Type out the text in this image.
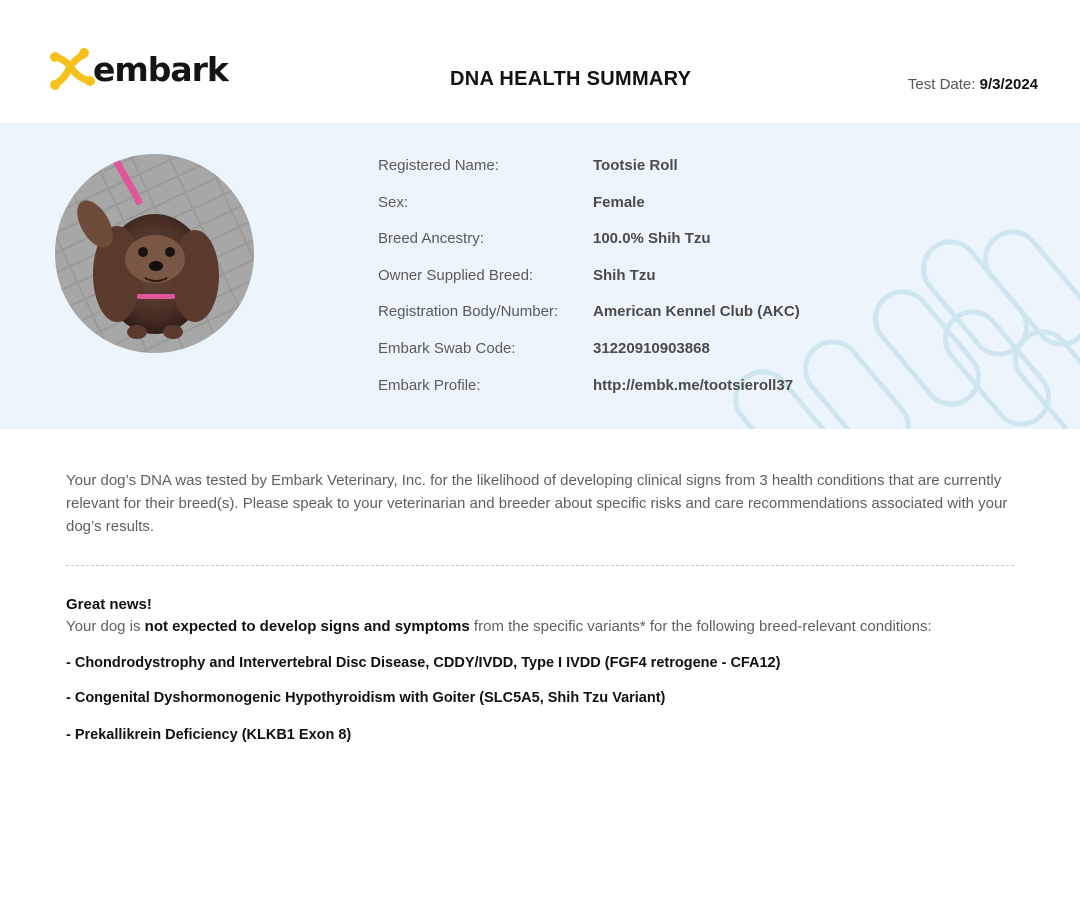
embark	DNA HEALTH SUMMARY	Test Date: 9/3/2024
Registered Name:	Tootsie Roll
Sex:	Female
Breed Ancestry:	100.0% Shih Tzu
Owner Supplied Breed:	Shih Tzu
Registration Body/Number:	American Kennel Club (AKC)
Embark Swab Code:	31220910903868
Embark Profile:	http://embk.me/tootsieroll37

Your dog’s DNA was tested by Embark Veterinary, Inc. for the likelihood of developing clinical signs from 3 health conditions that are currently relevant for their breed(s). Please speak to your veterinarian and breeder about specific risks and care recommendations associated with your dog’s results.

Great news!
Your dog is not expected to develop signs and symptoms from the specific variants* for the following breed-relevant conditions:
- Chondrodystrophy and Intervertebral Disc Disease, CDDY/IVDD, Type I IVDD (FGF4 retrogene - CFA12)
- Congenital Dyshormonogenic Hypothyroidism with Goiter (SLC5A5, Shih Tzu Variant)
- Prekallikrein Deficiency (KLKB1 Exon 8)
